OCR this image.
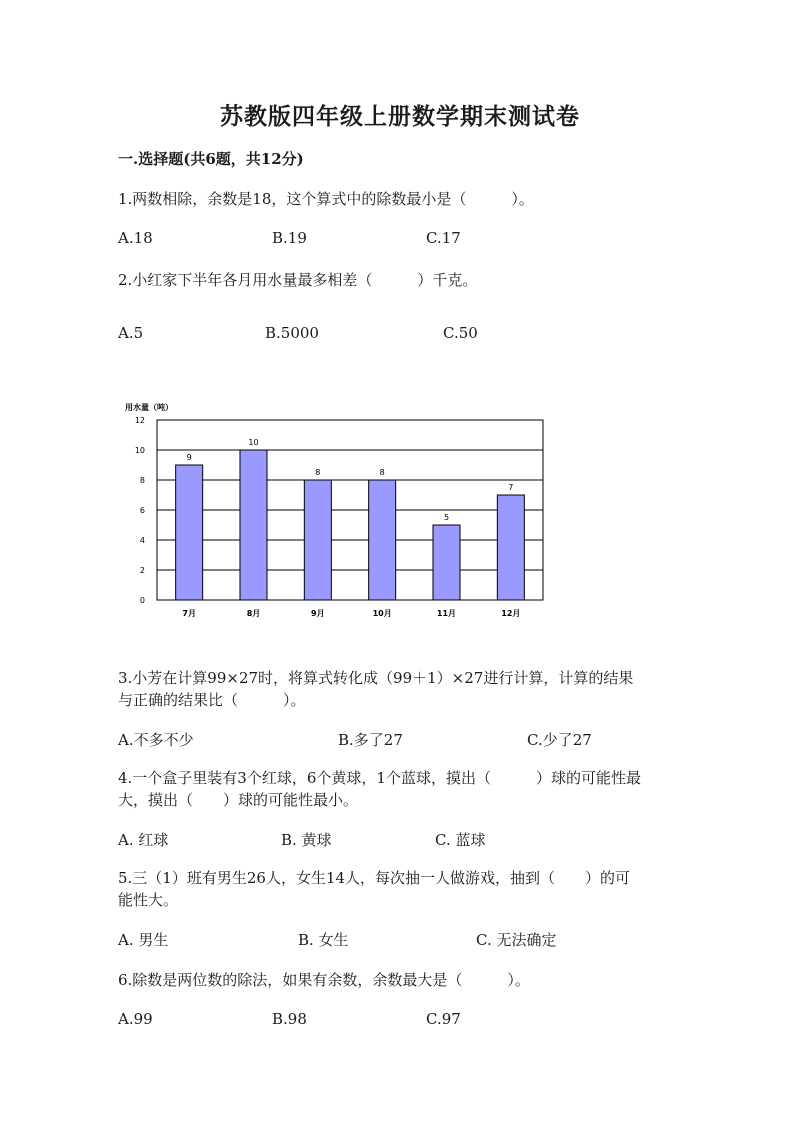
苏教版四年级上册数学期末测试卷
一.选择题(共6题，共12分)
1.两数相除，余数是18，这个算式中的除数最小是（　　　）。
A.18	B.19	C.17
2.小红家下半年各月用水量最多相差（　　　）千克。
A.5	B.5000	C.50
用水量（吨）
0
2
4
6
8
10
12
9
10
8	8
5
7
7月	8月	9月	10月	11月	12月
3.小芳在计算99×27时，将算式转化成（99＋1）×27进行计算，计算的结果
与正确的结果比（　　　）。
A.不多不少	B.多了27	C.少了27
4.一个盒子里装有3个红球，6个黄球，1个蓝球，摸出（　　　）球的可能性最
大，摸出（　　）球的可能性最小。
A. 红球	B. 黄球	C. 蓝球
5.三（1）班有男生26人，女生14人，每次抽一人做游戏，抽到（　　）的可
能性大。
A. 男生	B. 女生	C. 无法确定
6.除数是两位数的除法，如果有余数，余数最大是（　　　）。
A.99	B.98	C.97
